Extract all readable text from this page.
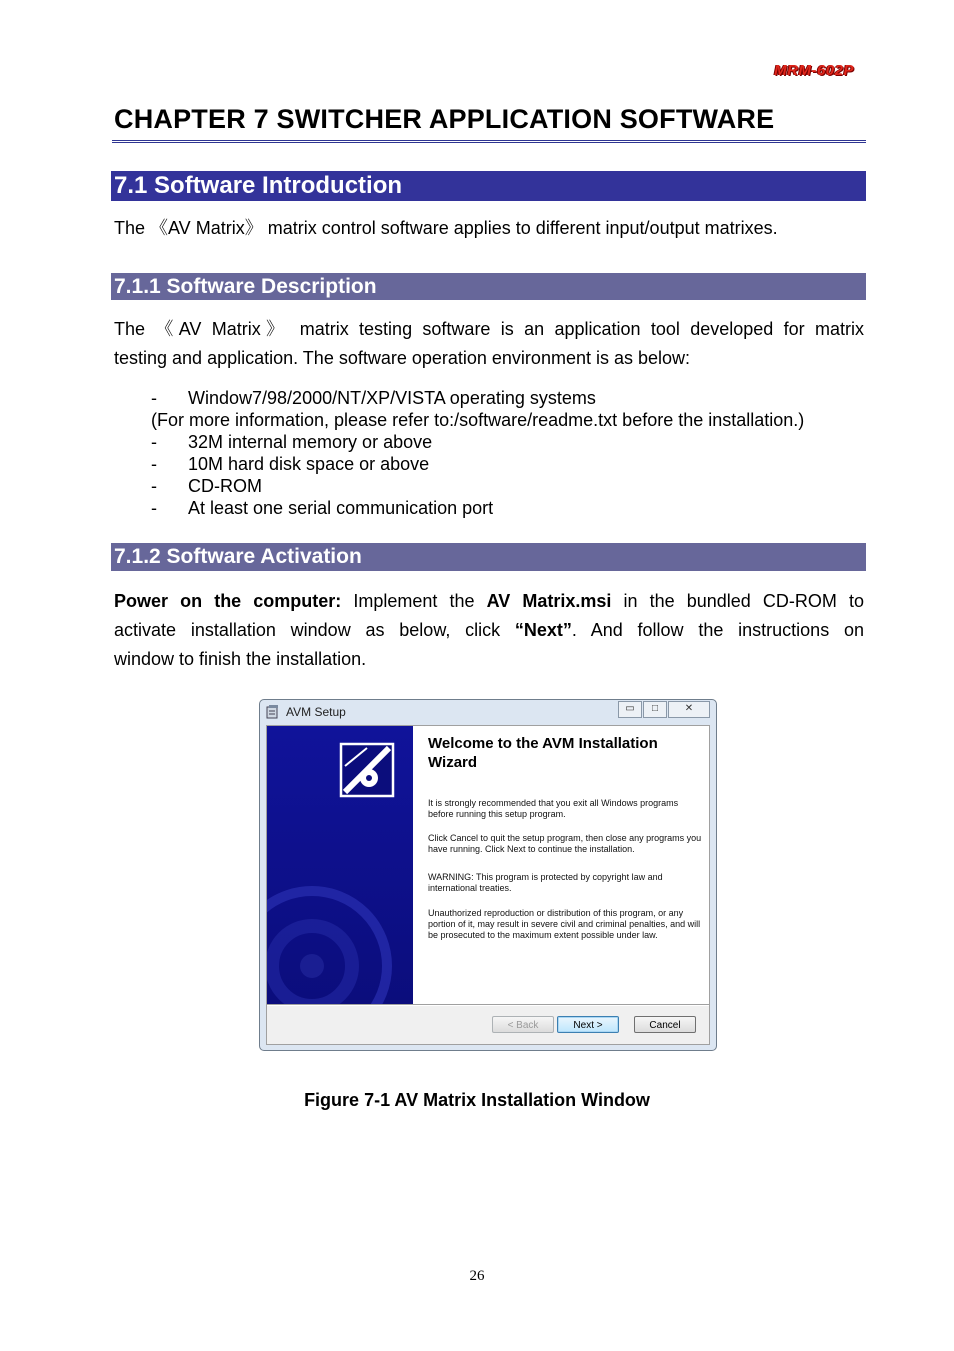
MRM-602P
CHAPTER 7 SWITCHER APPLICATION SOFTWARE
7.1 Software Introduction
The 《AV Matrix》 matrix control software applies to different input/output matrixes.
7.1.1 Software Description
The 《AV Matrix》 matrix testing software is an application tool developed for matrix
testing and application. The software operation environment is as below:
-	Window7/98/2000/NT/XP/VISTA operating systems
(For more information, please refer to:/software/readme.txt before the installation.)
-	32M internal memory or above
-	10M hard disk space or above
-	CD-ROM
-	At least one serial communication port
7.1.2 Software Activation
Power on the computer: Implement the AV Matrix.msi in the bundled CD-ROM to
activate installation window as below, click “Next”. And follow the instructions on
window to finish the installation.
AVM Setup	▭	□	✕
Welcome to the AVM Installation Wizard
It is strongly recommended that you exit all Windows programs before running this setup program.
Click Cancel to quit the setup program, then close any programs you have running. Click Next to continue the installation.
WARNING: This program is protected by copyright law and international treaties.
Unauthorized reproduction or distribution of this program, or any portion of it, may result in severe civil and criminal penalties, and will be prosecuted to the maximum extent possible under law.
< Back	Next >	Cancel
Figure 7-1 AV Matrix Installation Window
26
